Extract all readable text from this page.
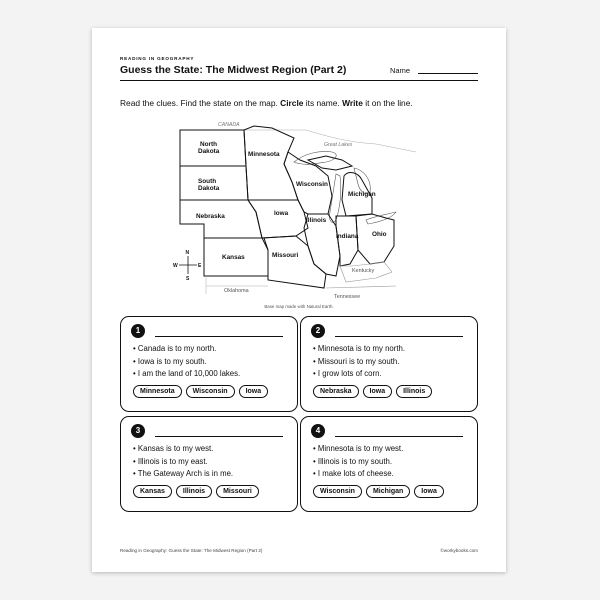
READING IN GEOGRAPHY
Guess the State: The Midwest Region (Part 2)	Name
Read the clues. Find the state on the map. Circle its name. Write it on the line.
North
Dakota
South
Dakota
Nebraska
Kansas
Minnesota
Iowa
Missouri
Wisconsin
Illinois
Michigan
Indiana Ohio
CANADA
Great Lakes
Kentucky
Tennessee
Oklahoma
N
S
W	E
Base map made with Natural Earth.
1
• Canada is to my north.
• Iowa is to my south.
• I am the land of 10,000 lakes.
Minnesota	Wisconsin	Iowa
2
• Minnesota is to my north.
• Missouri is to my south.
• I grow lots of corn.
Nebraska	Iowa	Illinois
3
• Kansas is to my west.
• Illinois is to my east.
• The Gateway Arch is in me.
Kansas	Illinois	Missouri
4
• Minnesota is to my west.
• Illinois is to my south.
• I make lots of cheese.
Wisconsin	Michigan	Iowa
Reading in Geography: Guess the State: The Midwest Region (Part 2)	©workybooks.com
